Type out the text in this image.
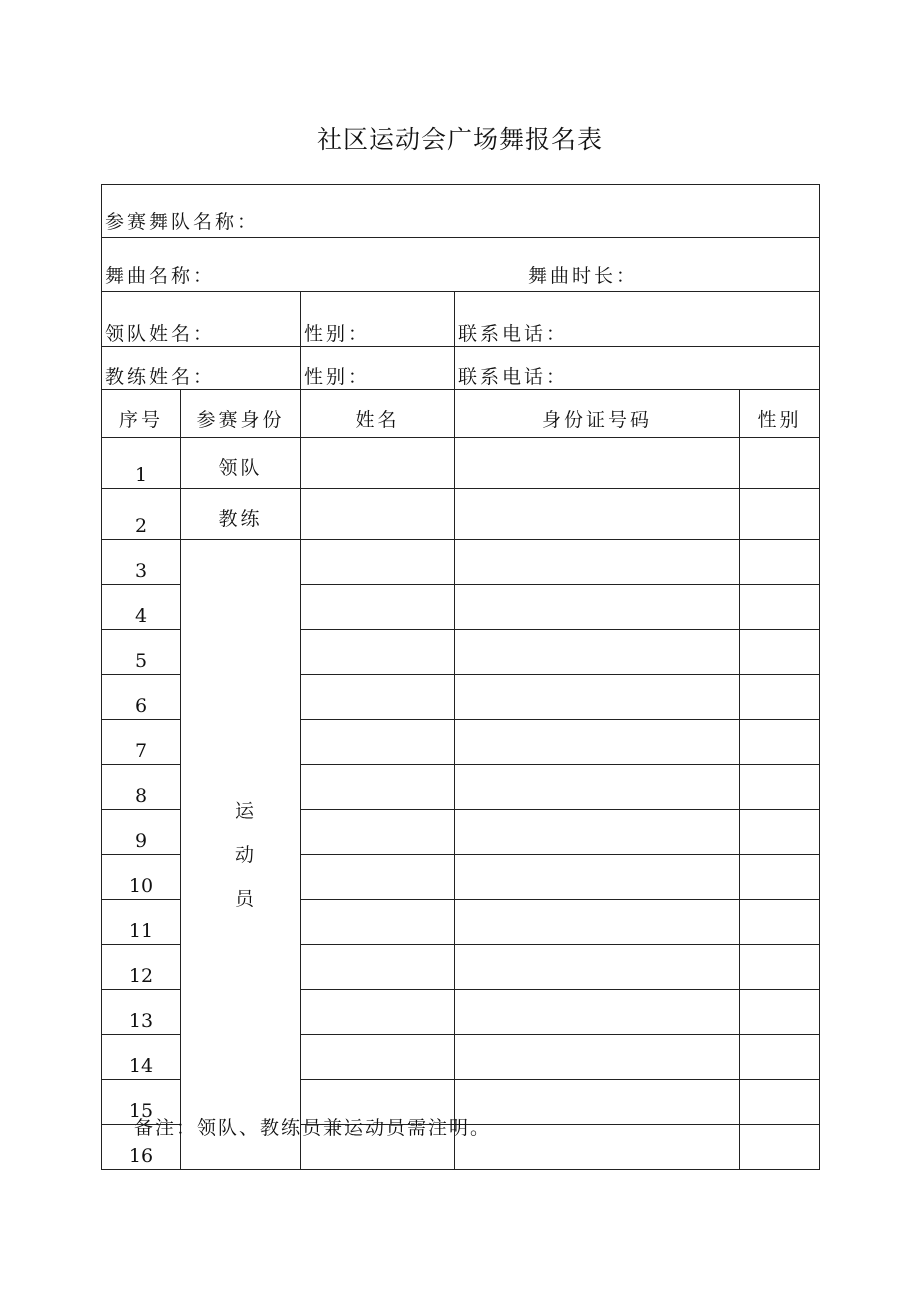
社区运动会广场舞报名表
参赛舞队名称：				
舞曲名称： 舞曲时长：				

领队姓名：		性别：	联系电话：	
教练姓名：		性别：	联系电话：	
序号	参赛身份	姓名	身份证号码	性别
1	领队			
2	教练			
3	运动员			

4				
5				
6				
7				
8				
9				
10				
11				
12				
13				
14				
15				
16				
备注：领队、教练员兼运动员需注明。
